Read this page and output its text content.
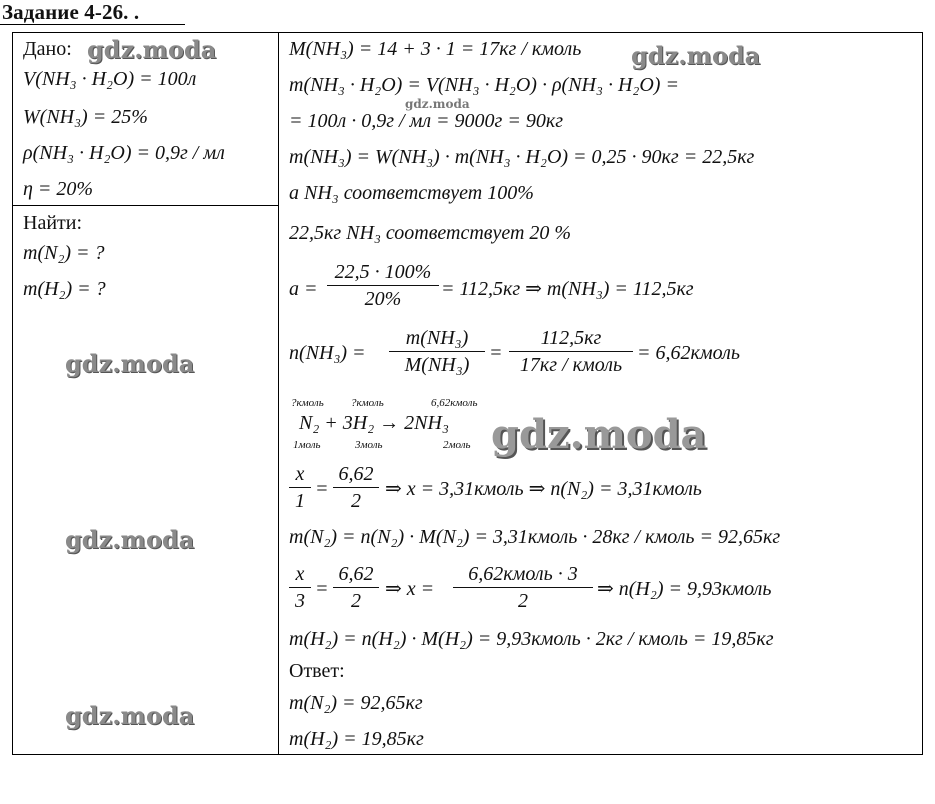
Задание 4-26. .
Дано:
V(NH₃ · H₂O) = 100л
W(NH₃) = 25%
ρ(NH₃ · H₂O) = 0,9г / мл
η = 20%
Найти:
m(N₂) = ?
m(H₂) = ?
M(NH₃) = 14 + 3 · 1 = 17кг / кмоль
m(NH₃ · H₂O) = V(NH₃ · H₂O) · ρ(NH₃ · H₂O) =
= 100л · 0,9г / мл = 9000г = 90кг
m(NH₃) = W(NH₃) · m(NH₃ · H₂O) = 0,25 · 90кг = 22,5кг
a NH₃ соответствует 100%
22,5кг NH₃ соответствует 20 %
$a = \frac{22,5 \cdot 100\%}{20\%} = 112,5кг$ ⇒ m(NH₃) = 112,5кг
$n(NH_3) = \frac{\text{m(NH₃)}}{\text{M(NH₃)}}$ =
112,5кг
17кг / кмоль
= 6,62кмоль
?кмоль ?кмоль	6,62кмоль
N₂ + 3H₂ → 2NH₃
1моль	3моль	2моль
$\frac{x}{1} = \frac{6,62}{2}$ ⇒ x = 3,31кмоль ⇒ n(N₂) = 3,31кмоль
m(N₂) = n(N₂) · M(N₂) = 3,31кмоль · 28кг / кмоль = 92,65кг
$\frac{x}{3} = \frac{6,62}{2}$ ⇒ x =
6,62кмоль · 3
2
⇒ n(H₂) = 9,93кмоль
m(H₂) = n(H₂) · M(H₂) = 9,93кмоль · 2кг / кмоль = 19,85кг
Ответ:
m(N₂) = 92,65кг
m(H₂) = 19,85кг
gdz.moda	gdz.moda
gdz.moda
gdz.moda
gdz.moda
gdz.moda
gdz.moda
